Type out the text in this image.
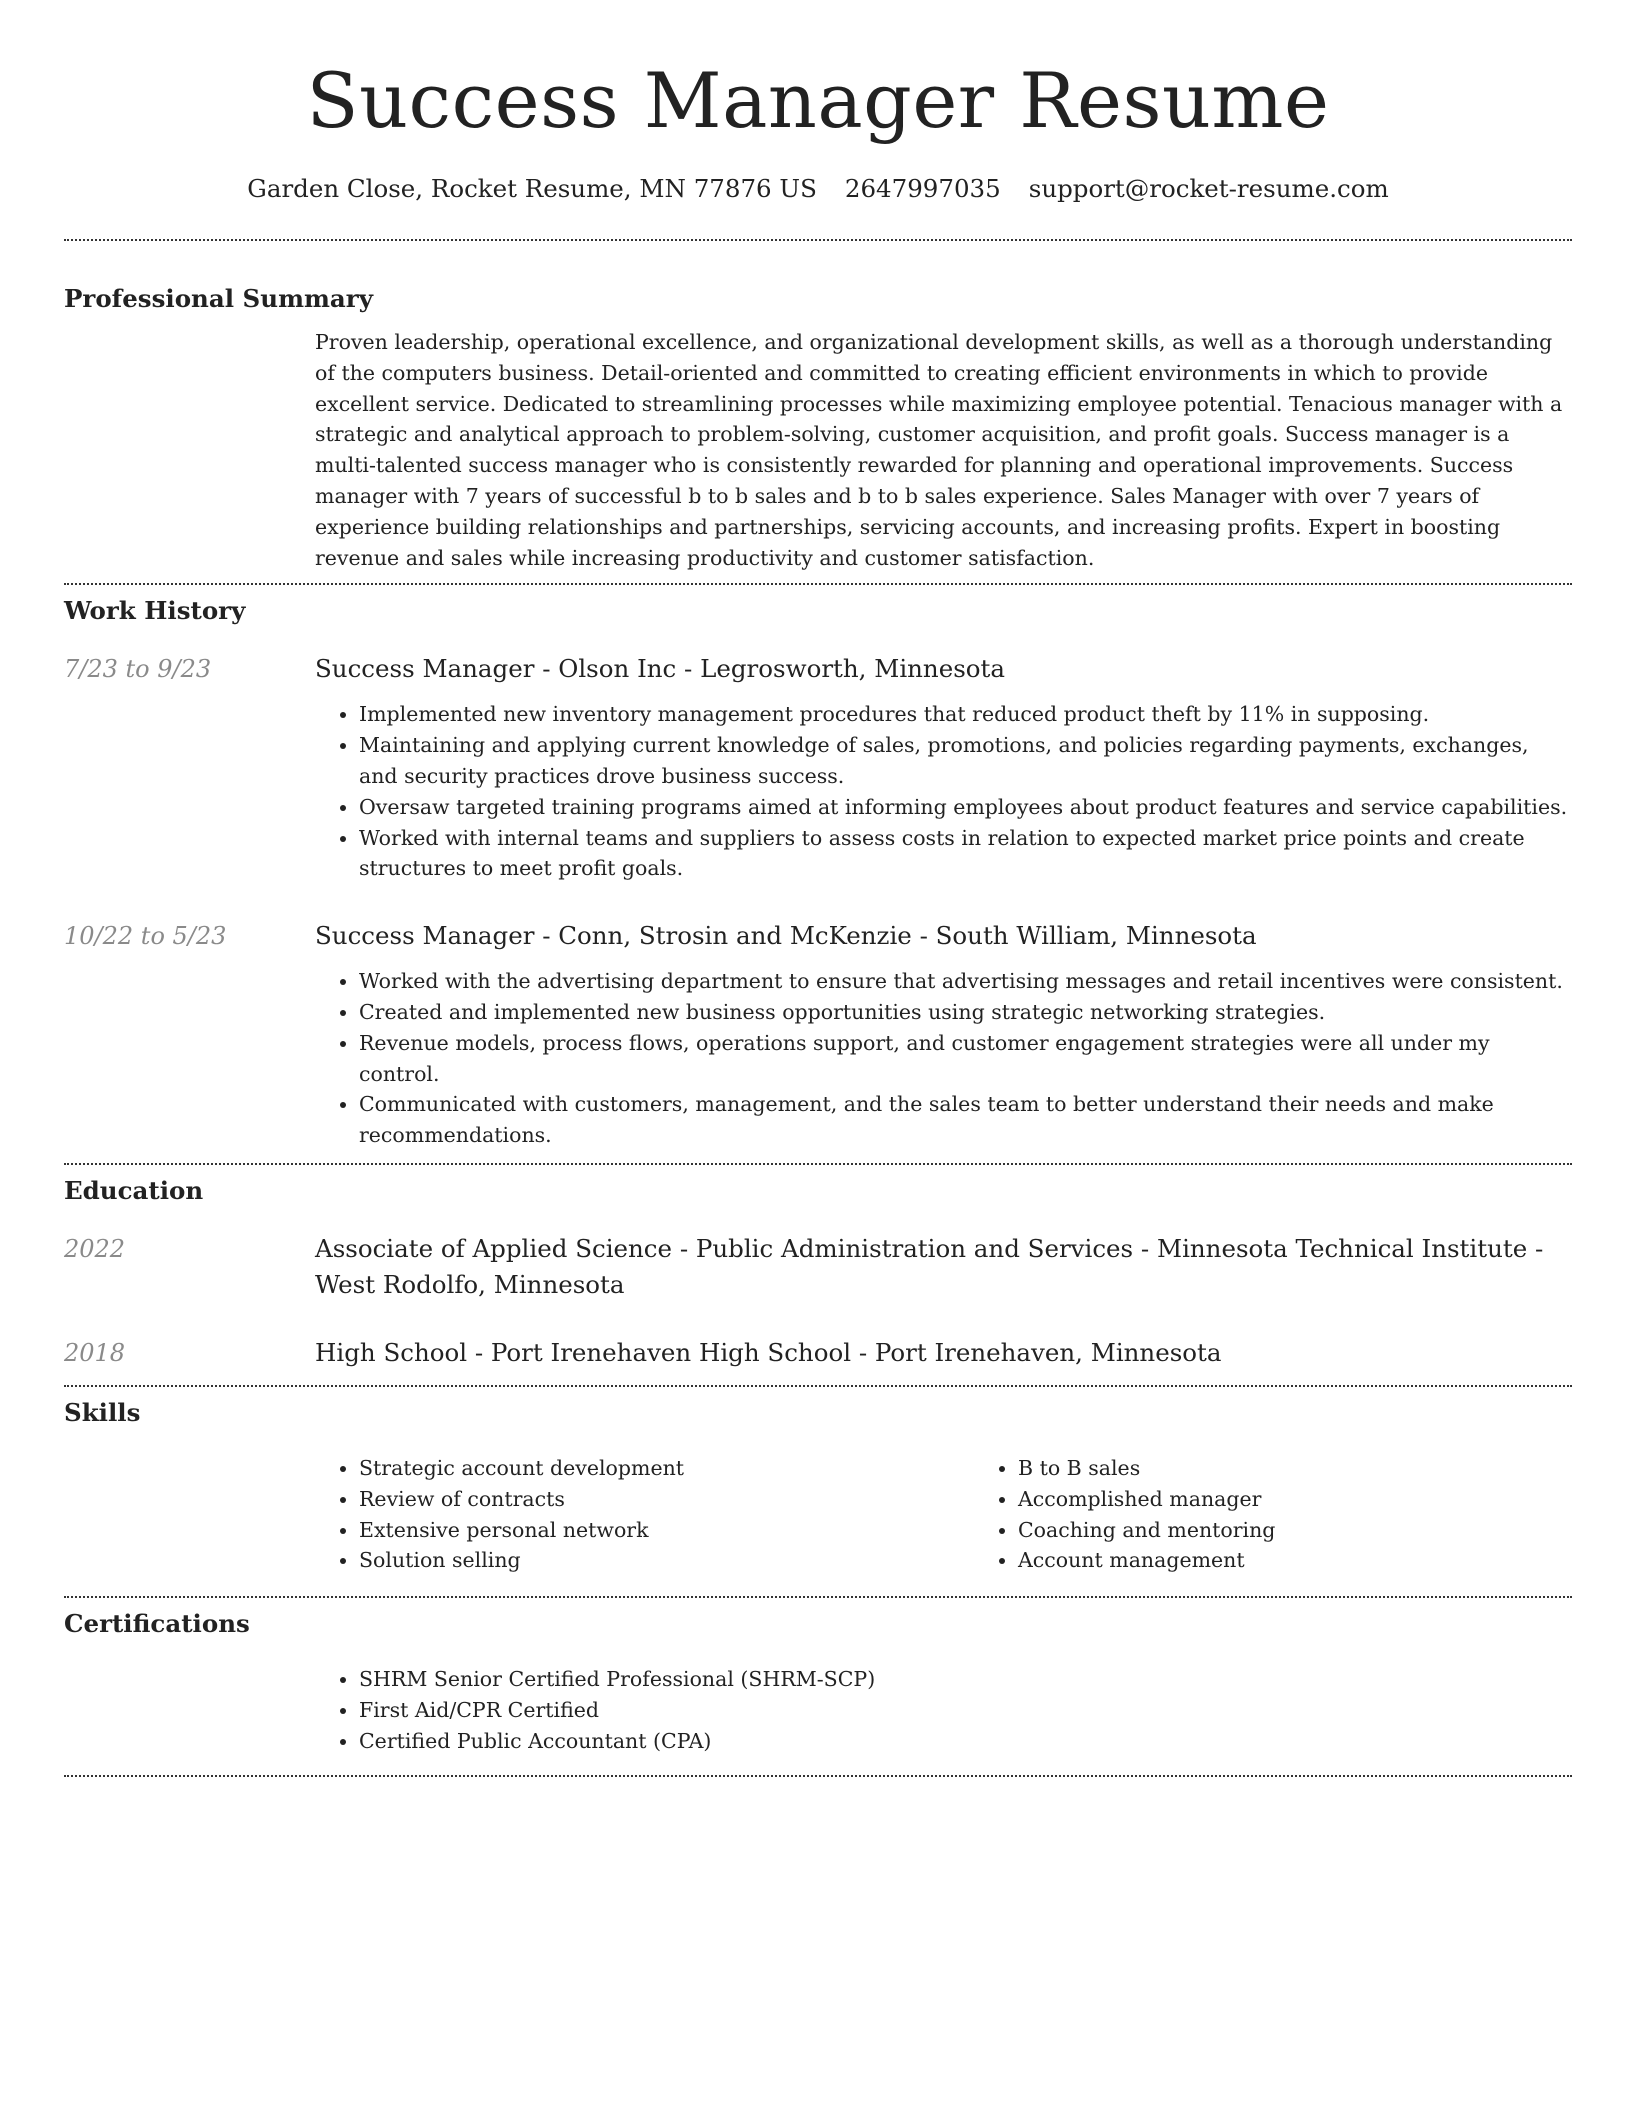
Success Manager Resume
Garden Close, Rocket Resume, MN 77876 US 2647997035 support@rocket-resume.com
Professional Summary

Proven leadership, operational excellence, and organizational development skills, as well as a thorough understanding of the computers business. Detail-oriented and committed to creating efficient environments in which to provide excellent service. Dedicated to streamlining processes while maximizing employee potential. Tenacious manager with a strategic and analytical approach to problem-solving, customer acquisition, and profit goals. Success manager is a multi-talented success manager who is consistently rewarded for planning and operational improvements. Success manager with 7 years of successful b to b sales and b to b sales experience. Sales Manager with over 7 years of experience building relationships and partnerships, servicing accounts, and increasing profits. Expert in boosting revenue and sales while increasing productivity and customer satisfaction.

Work History
7/23 to 9/23	Success Manager - Olson Inc - Legrosworth, Minnesota
• Implemented new inventory management procedures that reduced product theft by 11% in supposing.
• Maintaining and applying current knowledge of sales, promotions, and policies regarding payments, exchanges, and security practices drove business success.
• Oversaw targeted training programs aimed at informing employees about product features and service capabilities.
• Worked with internal teams and suppliers to assess costs in relation to expected market price points and create structures to meet profit goals.
10/22 to 5/23	Success Manager - Conn, Strosin and McKenzie - South William, Minnesota
• Worked with the advertising department to ensure that advertising messages and retail incentives were consistent.
• Created and implemented new business opportunities using strategic networking strategies.
• Revenue models, process flows, operations support, and customer engagement strategies were all under my control.
• Communicated with customers, management, and the sales team to better understand their needs and make recommendations.
Education
2022	Associate of Applied Science - Public Administration and Services - Minnesota Technical Institute - West Rodolfo, Minnesota
2018	High School - Port Irenehaven High School - Port Irenehaven, Minnesota
Skills
• Strategic account development
• Review of contracts
• Extensive personal network
• Solution selling
• B to B sales
• Accomplished manager
• Coaching and mentoring
• Account management
Certifications
• SHRM Senior Certified Professional (SHRM-SCP)
• First Aid/CPR Certified
• Certified Public Accountant (CPA)
